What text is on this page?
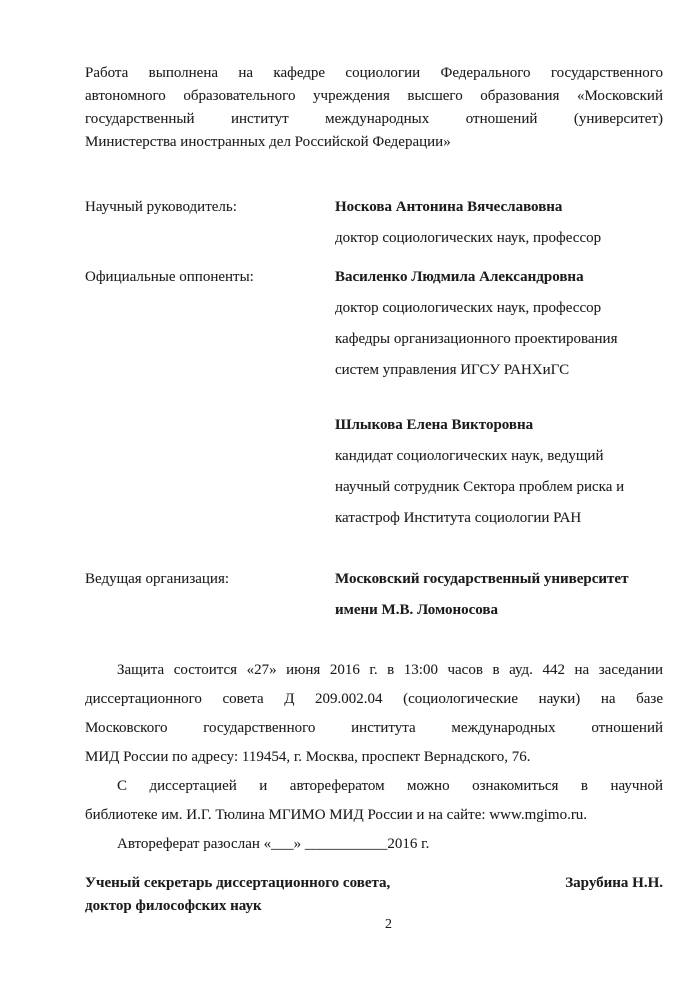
Работа выполнена на кафедре социологии Федерального государственного
автономного образовательного учреждения высшего образования «Московский
государственный институт международных отношений (университет)
Министерства иностранных дел Российской Федерации»
Научный руководитель:	Носкова Антонина Вячеславовна
доктор социологических наук, профессор
Официальные оппоненты:	Василенко Людмила Александровна
доктор социологических наук, профессор
кафедры организационного проектирования
систем управления ИГСУ РАНХиГС
Шлыкова Елена Викторовна
кандидат социологических наук, ведущий
научный сотрудник Сектора проблем риска и
катастроф Института социологии РАН
Ведущая организация:	Московский государственный университет
имени М.В. Ломоносова
Защита состоится «27» июня 2016 г. в 13:00 часов в ауд. 442 на заседании
диссертационного совета Д 209.002.04 (социологические науки) на базе
Московского государственного института международных отношений
МИД России по адресу: 119454, г. Москва, проспект Вернадского, 76.
С диссертацией и авторефератом можно ознакомиться в научной
библиотеке им. И.Г. Тюлина МГИМО МИД России и на сайте: www.mgimo.ru.
Автореферат разослан «___» ___________2016 г.
Ученый секретарь диссертационного совета,
доктор философских наук
Зарубина Н.Н.
2
